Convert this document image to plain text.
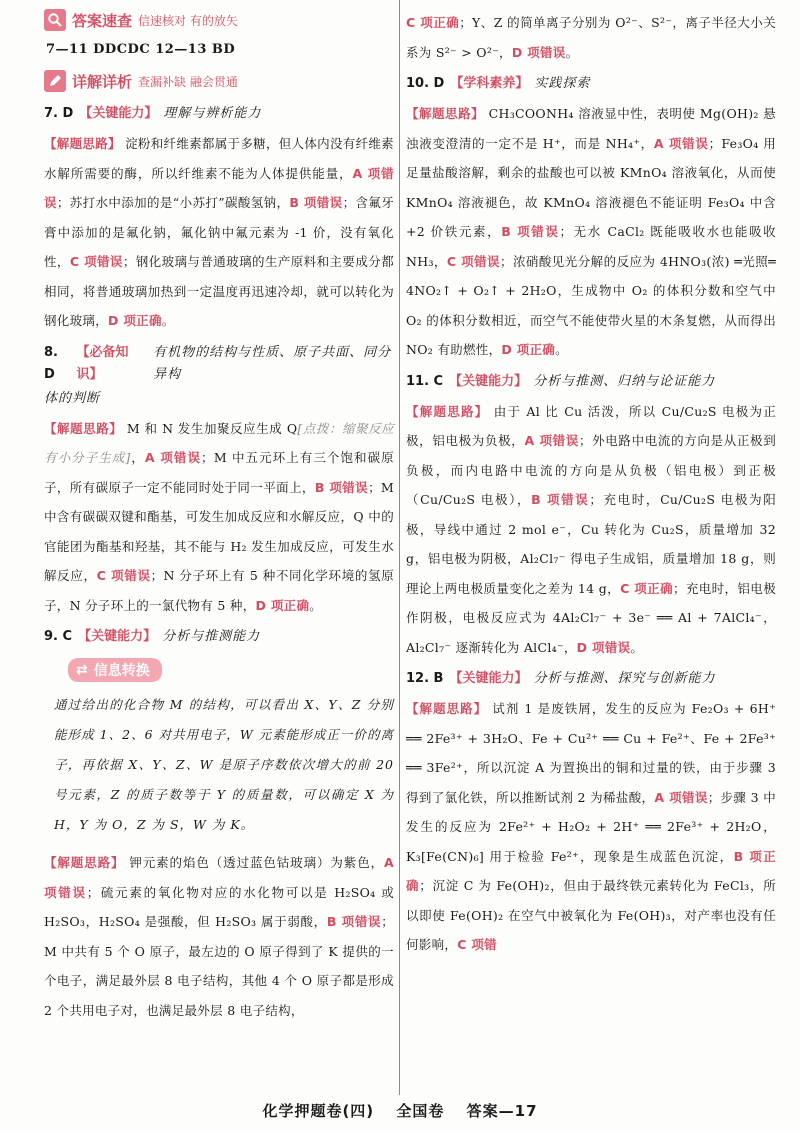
答案速查 信速核对 有的放矢
7—11 DDCDC 12—13 BD
详解详析 查漏补缺 融会贯通
7. D 【关键能力】 理解与辨析能力

【解题思路】 淀粉和纤维素都属于多糖，但人体内没有纤维素水解所需要的酶，所以纤维素不能为人体提供能量，A 项错误；苏打水中添加的是“小苏打”碳酸氢钠，B 项错误；含氟牙膏中添加的是氟化钠，氟化钠中氟元素为 -1 价，没有氧化性，C 项错误；钢化玻璃与普通玻璃的生产原料和主要成分都相同，将普通玻璃加热到一定温度再迅速冷却，就可以转化为钢化玻璃，D 项正确。

8. D
【必备知识】
有机物的结构与性质、原子共面、同分异构
体的判断

【解题思路】 M 和 N 发生加聚反应生成 Q[点拨：缩聚反应有小分子生成]，A 项错误；M 中五元环上有三个饱和碳原子，所有碳原子一定不能同时处于同一平面上，B 项错误；M 中含有碳碳双键和酯基，可发生加成反应和水解反应，Q 中的官能团为酯基和羟基，其不能与 H₂ 发生加成反应，可发生水解反应，C 项错误；N 分子环上有 5 种不同化学环境的氢原子，N 分子环上的一氯代物有 5 种，D 项正确。

9. C 【关键能力】 分析与推测能力
⇄ 信息转换

通过给出的化合物 M 的结构，可以看出 X、Y、Z 分别能形成 1、2、6 对共用电子，W 元素能形成正一价的离子，再依据 X、Y、Z、W 是原子序数依次增大的前 20 号元素，Z 的质子数等于 Y 的质量数，可以确定 X 为 H，Y 为 O，Z 为 S，W 为 K。

【解题思路】 钾元素的焰色（透过蓝色钴玻璃）为紫色，A 项错误；硫元素的氧化物对应的水化物可以是 H₂SO₄ 或 H₂SO₃，H₂SO₄ 是强酸，但 H₂SO₃ 属于弱酸，B 项错误；M 中共有 5 个 O 原子，最左边的 O 原子得到了 K 提供的一个电子，满足最外层 8 电子结构，其他 4 个 O 原子都是形成 2 个共用电子对，也满足最外层 8 电子结构，

C 项正确；Y、Z 的简单离子分别为 O²⁻、S²⁻，离子半径大小关系为 S²⁻ > O²⁻，D 项错误。

10. D 【学科素养】 实践探索

【解题思路】 CH₃COONH₄ 溶液显中性，表明使 Mg(OH)₂ 悬浊液变澄清的一定不是 H⁺，而是 NH₄⁺，A 项错误；Fe₃O₄ 用足量盐酸溶解，剩余的盐酸也可以被 KMnO₄ 溶液氧化，从而使 KMnO₄ 溶液褪色，故 KMnO₄ 溶液褪色不能证明 Fe₃O₄ 中含 +2 价铁元素，B 项错误；无水 CaCl₂ 既能吸收水也能吸收 NH₃，C 项错误；浓硝酸见光分解的反应为 4HNO₃(浓) ═光照═ 4NO₂↑ + O₂↑ + 2H₂O，生成物中 O₂ 的体积分数和空气中 O₂ 的体积分数相近，而空气不能使带火星的木条复燃，从而得出 NO₂ 有助燃性，D 项正确。

11. C 【关键能力】 分析与推测、归纳与论证能力

【解题思路】 由于 Al 比 Cu 活泼，所以 Cu/Cu₂S 电极为正极，铝电极为负极，A 项错误；外电路中电流的方向是从正极到负极，而内电路中电流的方向是从负极（铝电极）到正极（Cu/Cu₂S 电极），B 项错误；充电时，Cu/Cu₂S 电极为阳极，导线中通过 2 mol e⁻，Cu 转化为 Cu₂S，质量增加 32 g，铝电极为阴极，Al₂Cl₇⁻ 得电子生成铝，质量增加 18 g，则理论上两电极质量变化之差为 14 g，C 项正确；充电时，铝电极作阴极，电极反应式为 4Al₂Cl₇⁻ + 3e⁻ ══ Al + 7AlCl₄⁻，Al₂Cl₇⁻ 逐渐转化为 AlCl₄⁻，D 项错误。

12. B 【关键能力】 分析与推测、探究与创新能力

【解题思路】 试剂 1 是废铁屑，发生的反应为 Fe₂O₃ + 6H⁺ ══ 2Fe³⁺ + 3H₂O、Fe + Cu²⁺ ══ Cu + Fe²⁺、Fe + 2Fe³⁺ ══ 3Fe²⁺，所以沉淀 A 为置换出的铜和过量的铁，由于步骤 3 得到了氯化铁，所以推断试剂 2 为稀盐酸，A 项错误；步骤 3 中发生的反应为 2Fe²⁺ + H₂O₂ + 2H⁺ ══ 2Fe³⁺ + 2H₂O，K₃[Fe(CN)₆] 用于检验 Fe²⁺，现象是生成蓝色沉淀，B 项正确；沉淀 C 为 Fe(OH)₂，但由于最终铁元素转化为 FeCl₃，所以即使 Fe(OH)₂ 在空气中被氧化为 Fe(OH)₃，对产率也没有任何影响，C 项错

化学押题卷(四) 全国卷 答案—17
